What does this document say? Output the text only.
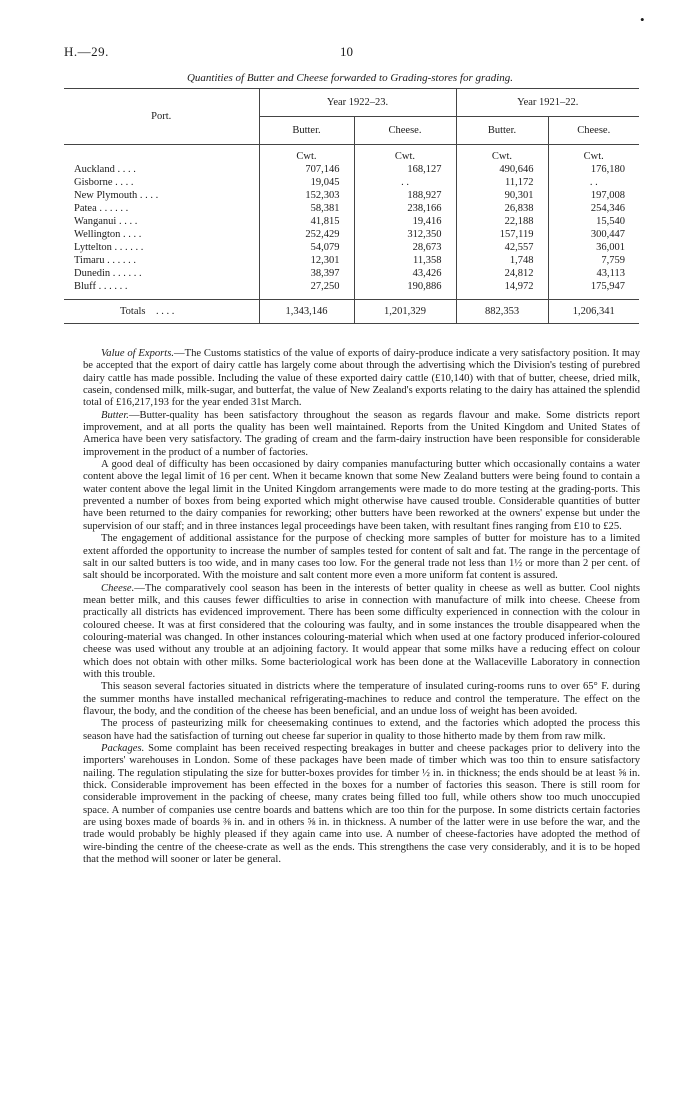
H.—29.	10
•
Quantities of Butter and Cheese forwarded to Grading-stores for grading.
Port.	Year 1922–23.		Year 1921–22.	
	Butter.	Cheese.	Butter.	Cheese.
	Cwt.	Cwt.	Cwt.	Cwt.
Auckland . . . .	707,146	168,127	490,646	176,180
Gisborne . . . .	19,045	. .	11,172	. .
New Plymouth . . . .	152,303	188,927	90,301	197,008
Patea . . . . . .	58,381	238,166	26,838	254,346
Wanganui . . . .	41,815	19,416	22,188	15,540
Wellington . . . .	252,429	312,350	157,119	300,447
Lyttelton . . . . . .	54,079	28,673	42,557	36,001
Timaru . . . . . .	12,301	11,358	1,748	7,759
Dunedin . . . . . .	38,397	43,426	24,812	43,113
Bluff . . . . . .	27,250	190,886	14,972	175,947
Totals . . . .	1,343,146	1,201,329	882,353	1,206,341

Value of Exports.—The Customs statistics of the value of exports of dairy-produce indicate a very satisfactory position. It may be accepted that the export of dairy cattle has largely come about through the advertising which the Division's testing of purebred dairy cattle has made possible. Including the value of these exported dairy cattle (£10,140) with that of butter, cheese, dried milk, casein, condensed milk, milk-sugar, and butterfat, the value of New Zealand's exports relating to the dairy has attained the splendid total of £16,217,193 for the year ended 31st March.

Butter.—Butter-quality has been satisfactory throughout the season as regards flavour and make. Some districts report improvement, and at all ports the quality has been well maintained. Reports from the United Kingdom and United States of America have been very satisfactory. The grading of cream and the farm-dairy instruction have been responsible for considerable improvement in the product of a number of factories.

A good deal of difficulty has been occasioned by dairy companies manufacturing butter which occasionally contains a water content above the legal limit of 16 per cent. When it became known that some New Zealand butters were being found to contain a water content above the legal limit in the United Kingdom arrangements were made to do more testing at the grading-ports. This prevented a number of boxes from being exported which might otherwise have caused trouble. Considerable quantities of butter have been returned to the dairy companies for reworking; other butters have been reworked at the owners' expense but under the supervision of our staff; and in three instances legal proceedings have been taken, with resultant fines ranging from £10 to £25.

The engagement of additional assistance for the purpose of checking more samples of butter for moisture has to a limited extent afforded the opportunity to increase the number of samples tested for content of salt and fat. The range in the percentage of salt in our salted butters is too wide, and in many cases too low. For the general trade not less than 1½ or more than 2 per cent. of salt should be incorporated. With the moisture and salt content more even a more uniform fat content is assured.

Cheese.—The comparatively cool season has been in the interests of better quality in cheese as well as butter. Cool nights mean better milk, and this causes fewer difficulties to arise in connection with manufacture of milk into cheese. Cheese from practically all districts has evidenced improvement. There has been some difficulty experienced in connection with the colour in coloured cheese. It was at first considered that the colouring was faulty, and in some instances the trouble disappeared when the colouring-material was changed. In other instances colouring-material which when used at one factory produced inferior-coloured cheese was used without any trouble at an adjoining factory. It would appear that some milks have a reducing effect on colour which does not obtain with other milks. Some bacteriological work has been done at the Wallaceville Laboratory in connection with this trouble.

This season several factories situated in districts where the temperature of insulated curing-rooms runs to over 65° F. during the summer months have installed mechanical refrigerating-machines to reduce and control the temperature. The effect on the flavour, the body, and the condition of the cheese has been beneficial, and an undue loss of weight has been avoided.

The process of pasteurizing milk for cheesemaking continues to extend, and the factories which adopted the process this season have had the satisfaction of turning out cheese far superior in quality to those hitherto made by them from raw milk.

Packages. Some complaint has been received respecting breakages in butter and cheese packages prior to delivery into the importers' warehouses in London. Some of these packages have been made of timber which was too thin to ensure satisfactory nailing. The regulation stipulating the size for butter-boxes provides for timber ½ in. in thickness; the ends should be at least ⅝ in. thick. Considerable improvement has been effected in the boxes for a number of factories this season. There is still room for considerable improvement in the packing of cheese, many crates being filled too full, while others show too much unoccupied space. A number of companies use centre boards and battens which are too thin for the purpose. In some districts certain factories are using boxes made of boards ⅜ in. and in others ⅝ in. in thickness. A number of the latter were in use before the war, and the trade would probably be highly pleased if they again came into use. A number of cheese-factories have adopted the method of wire-binding the centre of the cheese-crate as well as the ends. This strengthens the case very considerably, and it is to be hoped that the method will sooner or later be general.
